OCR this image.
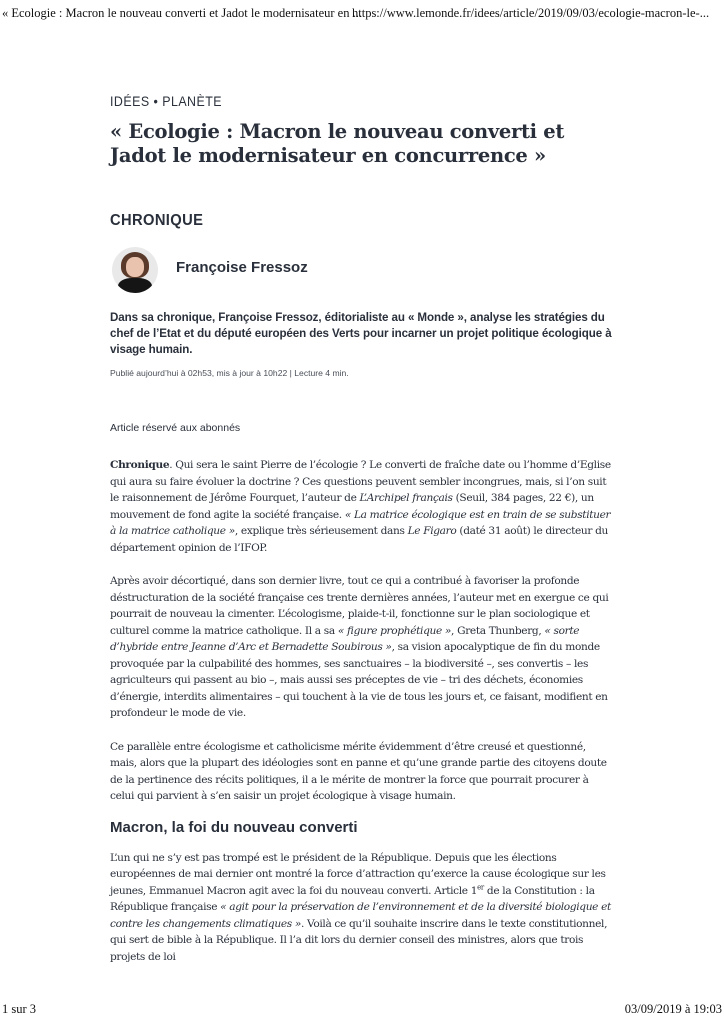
« Ecologie : Macron le nouveau converti et Jadot le modernisateur en ...
https://www.lemonde.fr/idees/article/2019/09/03/ecologie-macron-le-...
IDÉES • PLANÈTE
« Ecologie : Macron le nouveau converti et Jadot le modernisateur en concurrence »
CHRONIQUE
Françoise Fressoz

Dans sa chronique, Françoise Fressoz, éditorialiste au « Monde », analyse les stratégies du chef de l’Etat et du député européen des Verts pour incarner un projet politique écologique à visage humain.

Publié aujourd’hui à 02h53, mis à jour à 10h22 | Lecture 4 min.
Article réservé aux abonnés

Chronique. Qui sera le saint Pierre de l’écologie ? Le converti de fraîche date ou l’homme d’Eglise qui aura su faire évoluer la doctrine ? Ces questions peuvent sembler incongrues, mais, si l’on suit le raisonnement de Jérôme Fourquet, l’auteur de L’Archipel français (Seuil, 384 pages, 22 €), un mouvement de fond agite la société française. « La matrice écologique est en train de se substituer à la matrice catholique », explique très sérieusement dans Le Figaro (daté 31 août) le directeur du département opinion de l’IFOP.

Après avoir décortiqué, dans son dernier livre, tout ce qui a contribué à favoriser la profonde déstructuration de la société française ces trente dernières années, l’auteur met en exergue ce qui pourrait de nouveau la cimenter. L’écologisme, plaide-t-il, fonctionne sur le plan sociologique et culturel comme la matrice catholique. Il a sa « figure prophétique », Greta Thunberg, « sorte d’hybride entre Jeanne d’Arc et Bernadette Soubirous », sa vision apocalyptique de fin du monde provoquée par la culpabilité des hommes, ses sanctuaires – la biodiversité –, ses convertis – les agriculteurs qui passent au bio –, mais aussi ses préceptes de vie – tri des déchets, économies d’énergie, interdits alimentaires – qui touchent à la vie de tous les jours et, ce faisant, modifient en profondeur le mode de vie.

Ce parallèle entre écologisme et catholicisme mérite évidemment d’être creusé et questionné, mais, alors que la plupart des idéologies sont en panne et qu’une grande partie des citoyens doute de la pertinence des récits politiques, il a le mérite de montrer la force que pourrait procurer à celui qui parvient à s’en saisir un projet écologique à visage humain.

Macron, la foi du nouveau converti

L’un qui ne s’y est pas trompé est le président de la République. Depuis que les élections européennes de mai dernier ont montré la force d’attraction qu’exerce la cause écologique sur les jeunes, Emmanuel Macron agit avec la foi du nouveau converti. Article 1er de la Constitution : la République française « agit pour la préservation de l’environnement et de la diversité biologique et contre les changements climatiques ». Voilà ce qu’il souhaite inscrire dans le texte constitutionnel, qui sert de bible à la République. Il l’a dit lors du dernier conseil des ministres, alors que trois projets de loi

1 sur 3	03/09/2019 à 19:03
